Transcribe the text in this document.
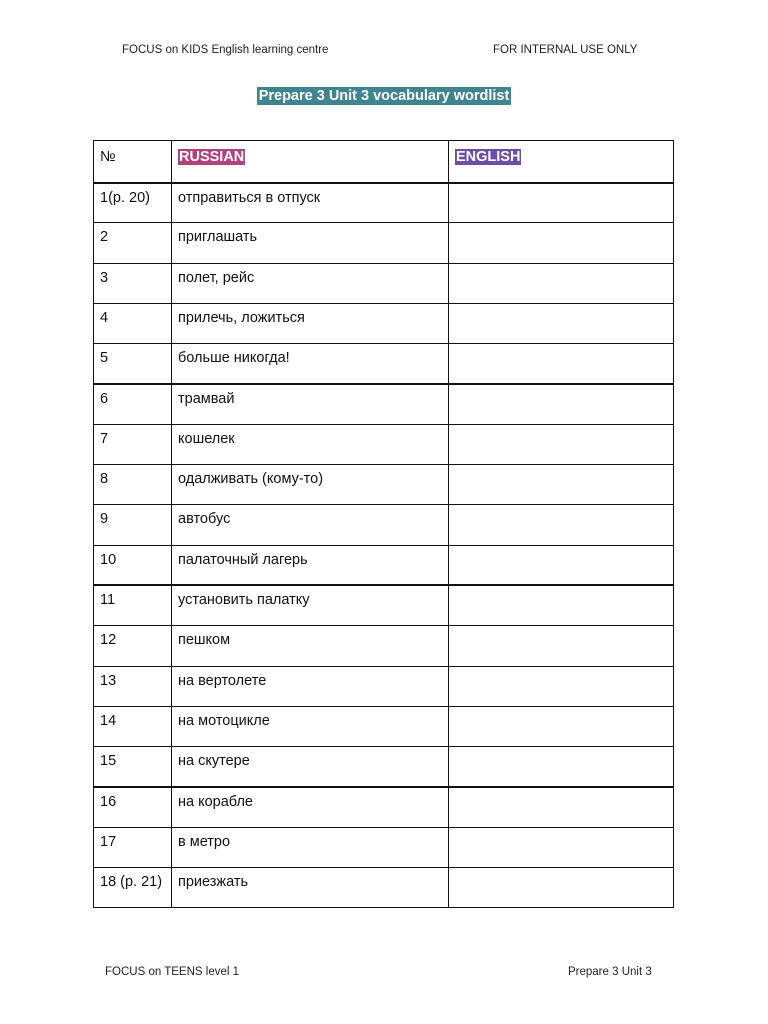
FOCUS on KIDS English learning centre	FOR INTERNAL USE ONLY
Prepare 3 Unit 3 vocabulary wordlist
№	RUSSIAN	ENGLISH
1(p. 20)	отправиться в отпуск	
2	приглашать	
3	полет, рейс	
4	прилечь, ложиться	
5	больше никогда!	
6	трамвай	
7	кошелек	
8	одалживать (кому-то)	
9	автобус	
10	палаточный лагерь	
11	установить палатку	
12	пешком	
13	на вертолете	
14	на мотоцикле	
15	на скутере	
16	на корабле	
17	в метро	
18 (p. 21)	приезжать	
FOCUS on TEENS level 1	Prepare 3 Unit 3
